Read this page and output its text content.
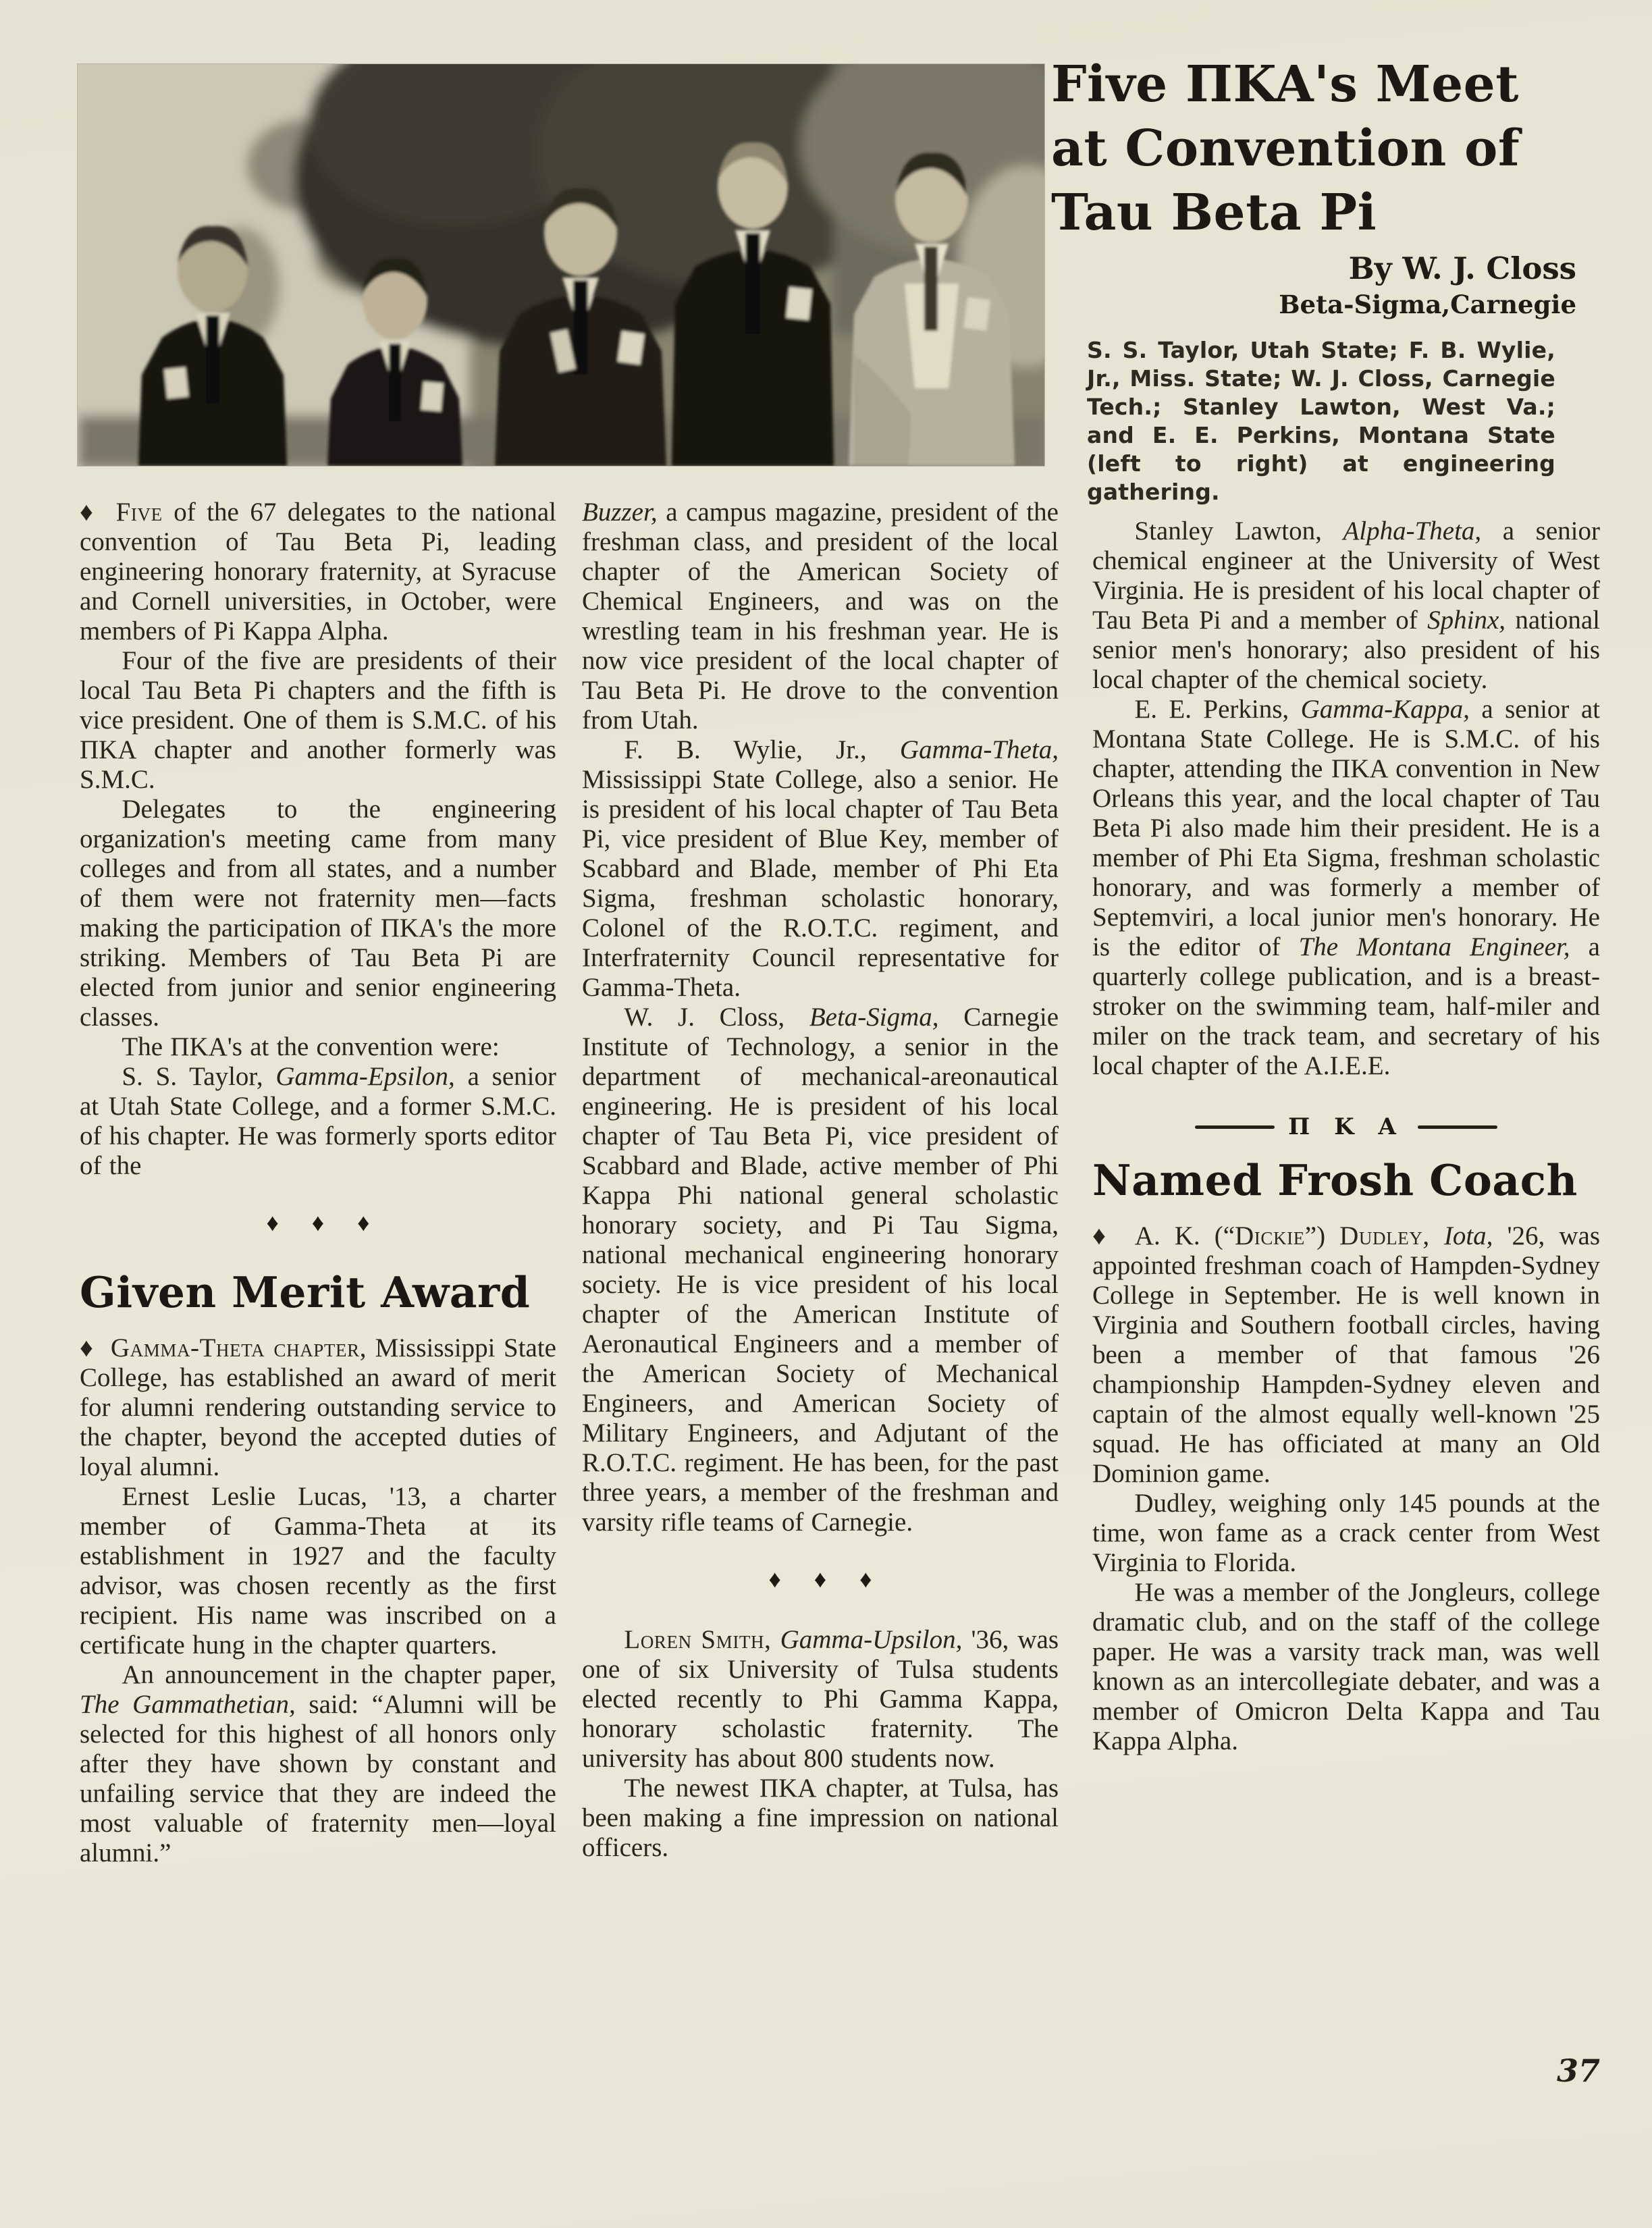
Five ΠKA's Meet
at Convention of
Tau Beta Pi
By W. J. Closs
Beta-Sigma,Carnegie
S. S. Taylor, Utah State; F. B. Wylie, Jr., Miss. State; W. J. Closs, Carnegie Tech.; Stanley Lawton, West Va.; and E. E. Perkins, Montana State (left to right) at engineering gathering.

♦ Five of the 67 delegates to the national convention of Tau Beta Pi, leading engineering honorary fraternity, at Syracuse and Cornell universities, in October, were members of Pi Kappa Alpha.

Four of the five are presidents of their local Tau Beta Pi chapters and the fifth is vice president. One of them is S.M.C. of his ΠKA chapter and another formerly was S.M.C.

Delegates to the engineering organization's meeting came from many colleges and from all states, and a number of them were not fraternity men—facts making the participation of ΠKA's the more striking. Members of Tau Beta Pi are elected from junior and senior engineering classes.

The ΠKA's at the convention were:

S. S. Taylor, Gamma-Epsilon, a senior at Utah State College, and a former S.M.C. of his chapter. He was formerly sports editor of the

♦ ♦ ♦
Given Merit Award

♦ Gamma-Theta chapter, Mississippi State College, has established an award of merit for alumni rendering outstanding service to the chapter, beyond the accepted duties of loyal alumni.

Ernest Leslie Lucas, '13, a charter member of Gamma-Theta at its establishment in 1927 and the faculty advisor, was chosen recently as the first recipient. His name was inscribed on a certificate hung in the chapter quarters.

An announcement in the chapter paper, The Gammathetian, said: “Alumni will be selected for this highest of all honors only after they have shown by constant and unfailing service that they are indeed the most valuable of fraternity men—loyal alumni.”

Buzzer, a campus magazine, president of the freshman class, and president of the local chapter of the American Society of Chemical Engineers, and was on the wrestling team in his freshman year. He is now vice president of the local chapter of Tau Beta Pi. He drove to the convention from Utah.

F. B. Wylie, Jr., Gamma-Theta, Mississippi State College, also a senior. He is president of his local chapter of Tau Beta Pi, vice president of Blue Key, member of Scabbard and Blade, member of Phi Eta Sigma, freshman scholastic honorary, Colonel of the R.O.T.C. regiment, and Interfraternity Council representative for Gamma-Theta.

W. J. Closs, Beta-Sigma, Carnegie Institute of Technology, a senior in the department of mechanical-areonautical engineering. He is president of his local chapter of Tau Beta Pi, vice president of Scabbard and Blade, active member of Phi Kappa Phi national general scholastic honorary society, and Pi Tau Sigma, national mechanical engineering honorary society. He is vice president of his local chapter of the American Institute of Aeronautical Engineers and a member of the American Society of Mechanical Engineers, and American Society of Military Engineers, and Adjutant of the R.O.T.C. regiment. He has been, for the past three years, a member of the freshman and varsity rifle teams of Carnegie.

♦ ♦ ♦

Loren Smith, Gamma-Upsilon, '36, was one of six University of Tulsa students elected recently to Phi Gamma Kappa, honorary scholastic fraternity. The university has about 800 students now.

The newest ΠKA chapter, at Tulsa, has been making a fine impression on national officers.

Stanley Lawton, Alpha-Theta, a senior chemical engineer at the University of West Virginia. He is president of his local chapter of Tau Beta Pi and a member of Sphinx, national senior men's honorary; also president of his local chapter of the chemical society.

E. E. Perkins, Gamma-Kappa, a senior at Montana State College. He is S.M.C. of his chapter, attending the ΠKA convention in New Orleans this year, and the local chapter of Tau Beta Pi also made him their president. He is a member of Phi Eta Sigma, freshman scholastic honorary, and was formerly a member of Septemviri, a local junior men's honorary. He is the editor of The Montana Engineer, a quarterly college publication, and is a breast-stroker on the swimming team, half-miler and miler on the track team, and secretary of his local chapter of the A.I.E.E.

Π K A
Named Frosh Coach

♦ A. K. (“Dickie”) Dudley, Iota, '26, was appointed freshman coach of Hampden-Sydney College in September. He is well known in Virginia and Southern football circles, having been a member of that famous '26 championship Hampden-Sydney eleven and captain of the almost equally well-known '25 squad. He has officiated at many an Old Dominion game.

Dudley, weighing only 145 pounds at the time, won fame as a crack center from West Virginia to Florida.

He was a member of the Jongleurs, college dramatic club, and on the staff of the college paper. He was a varsity track man, was well known as an intercollegiate debater, and was a member of Omicron Delta Kappa and Tau Kappa Alpha.

37
